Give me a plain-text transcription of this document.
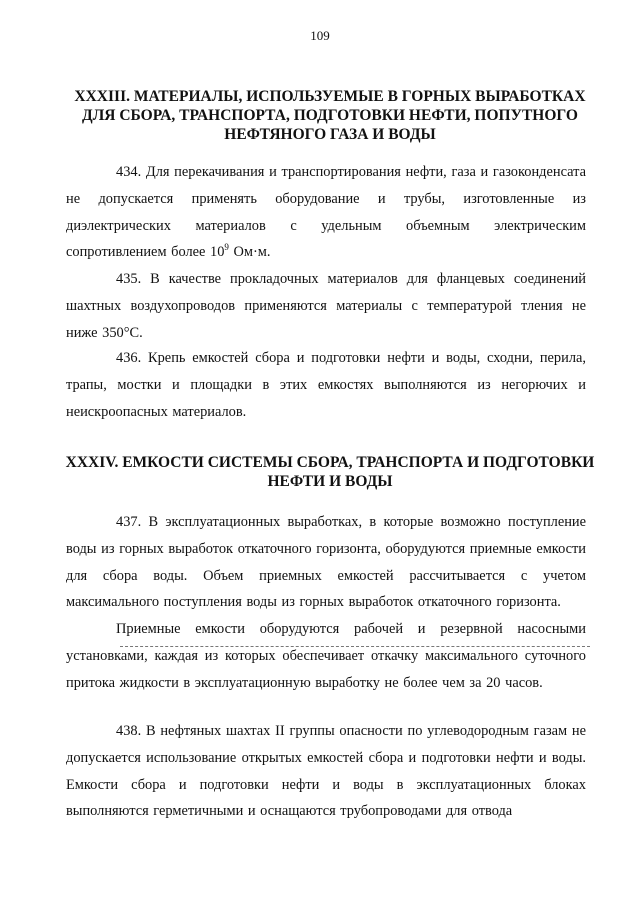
109
XXXIII. МАТЕРИАЛЫ, ИСПОЛЬЗУЕМЫЕ В ГОРНЫХ ВЫРАБОТКАХ ДЛЯ СБОРА, ТРАНСПОРТА, ПОДГОТОВКИ НЕФТИ, ПОПУТНОГО НЕФТЯНОГО ГАЗА И ВОДЫ

434. Для перекачивания и транспортирования нефти, газа и газоконденсата не допускается применять оборудование и трубы, изготовленные из диэлектрических материалов с удельным объемным электрическим сопротивлением более $10^9$ Ом·м.

435. В качестве прокладочных материалов для фланцевых соединений шахтных воздухопроводов применяются материалы с температурой тления не ниже 350°С.

436. Крепь емкостей сбора и подготовки нефти и воды, сходни, перила, трапы, мостки и площадки в этих емкостях выполняются из негорючих и неискроопасных материалов.

XXXIV. ЕМКОСТИ СИСТЕМЫ СБОРА, ТРАНСПОРТА И ПОДГОТОВКИ НЕФТИ И ВОДЫ

437. В эксплуатационных выработках, в которые возможно поступление воды из горных выработок откаточного горизонта, оборудуются приемные емкости для сбора воды. Объем приемных емкостей рассчитывается с учетом максимального поступления воды из горных выработок откаточного горизонта.

Приемные емкости оборудуются рабочей и резервной насосными установками, каждая из которых обеспечивает откачку максимального суточного притока жидкости в эксплуатационную выработку не более чем за 20 часов.

438. В нефтяных шахтах II группы опасности по углеводородным газам не допускается использование открытых емкостей сбора и подготовки нефти и воды. Емкости сбора и подготовки нефти и воды в эксплуатационных блоках выполняются герметичными и оснащаются трубопроводами для отвода
